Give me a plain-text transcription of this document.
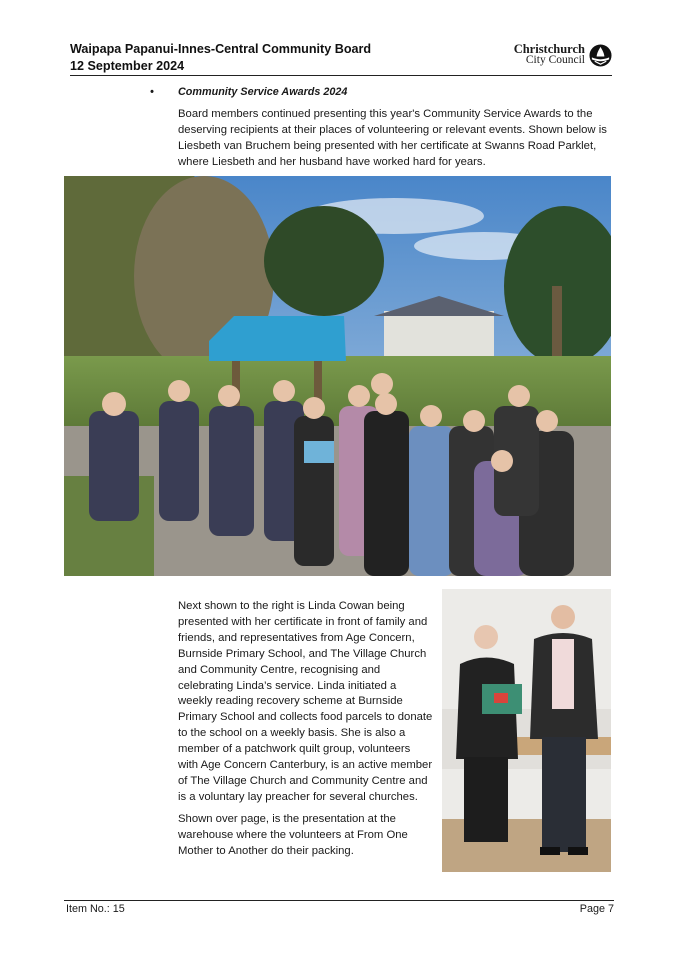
Waipapa Papanui-Innes-Central Community Board
12 September 2024
Christchurch
City Council
• Community Service Awards 2024

Board members continued presenting this year's Community Service Awards to the deserving recipients at their places of volunteering or relevant events. Shown below is Liesbeth van Bruchem being presented with her certificate at Swanns Road Parklet, where Liesbeth and her husband have worked hard for years.

Next shown to the right is Linda Cowan being presented with her certificate in front of family and friends, and representatives from Age Concern, Burnside Primary School, and The Village Church and Community Centre, recognising and celebrating Linda’s service. Linda initiated a weekly reading recovery scheme at Burnside Primary School and collects food parcels to donate to the school on a weekly basis. She is also a member of a patchwork quilt group, volunteers with Age Concern Canterbury, is an active member of The Village Church and Community Centre and is a voluntary lay preacher for several churches.

Shown over page, is the presentation at the warehouse where the volunteers at From One Mother to Another do their packing.

Item No.: 15	Page 7
